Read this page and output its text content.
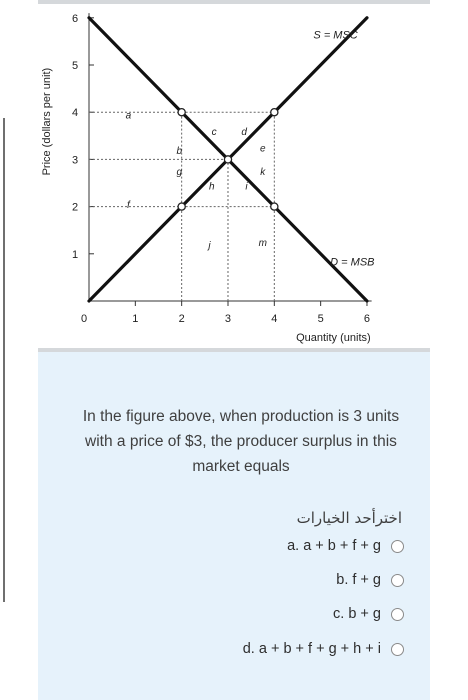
1
2
3
4
5
6
0	1	2	3	4	5	6
Price (dollars per unit)
Quantity (units)
S = MSC
D = MSB
a
b
c d
e
f
g
h	i
j
k
m
In the figure above, when production is 3 units with a price of $3, the producer surplus in this market equals
اخترأحد الخيارات
a. a + b + f + g
b. f + g
c. b + g
d. a + b + f + g + h + i
